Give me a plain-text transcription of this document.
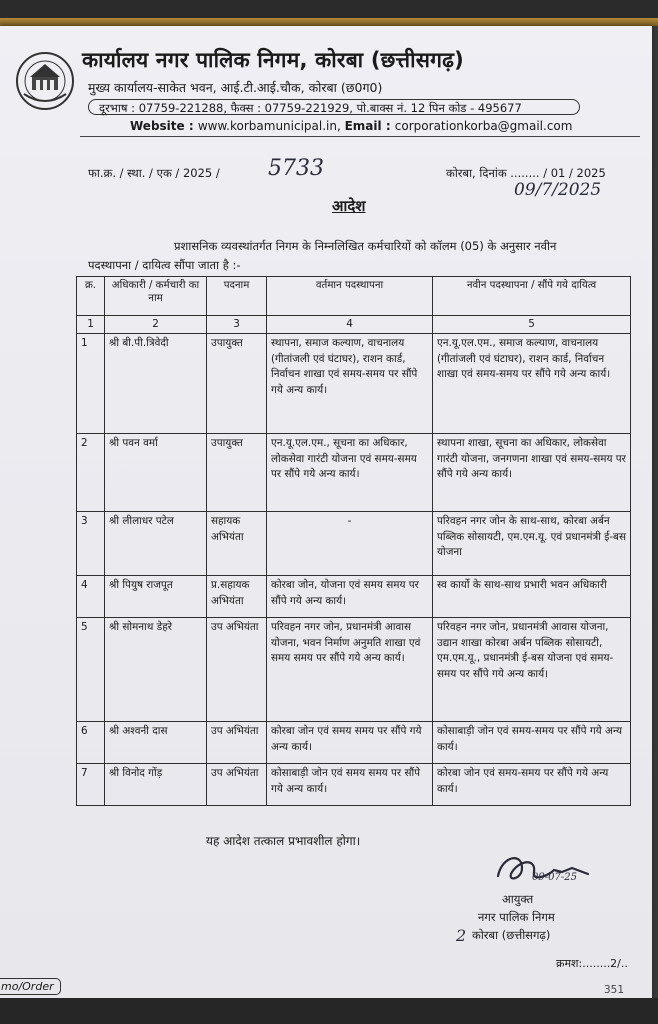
कार्यालय नगर पालिक निगम, कोरबा (छत्तीसगढ़)
मुख्य कार्यालय-साकेत भवन, आई.टी.आई.चौक, कोरबा (छ0ग0)
दूरभाष : 07759-221288, फैक्स : 07759-221929, पो.बाक्स नं. 12 पिन कोड - 495677
Website : www.korbamunicipal.in, Email : corporationkorba@gmail.com
फा.क्र. / स्था. / एक / 2025 / 5733	कोरबा, दिनांक ........ / 01 / 2025
09/7/2025
आदेश
प्रशासनिक व्यवस्थांतर्गत निगम के निम्नलिखित कर्मचारियों को कॉलम (05) के अनुसार नवीन
पदस्थापना / दायित्व सौंपा जाता है :-
क्र.	अधिकारी / कर्मचारी का नाम	पदनाम	वर्तमान पदस्थापना	नवीन पदस्थापना / सौंपे गये दायित्व
1	2	3	4	5
1	श्री बी.पी.त्रिवेदी	उपायुक्त	स्थापना, समाज कल्याण, वाचनालय (गीतांजली एवं घंटाघर), राशन कार्ड, निर्वाचन शाखा एवं समय-समय पर सौंपे गये अन्य कार्य।	एन.यू.एल.एम., समाज कल्याण, वाचनालय (गीतांजली एवं घंटाघर), राशन कार्ड, निर्वाचन शाखा एवं समय-समय पर सौंपे गये अन्य कार्य।
2	श्री पवन वर्मा	उपायुक्त	एन.यू.एल.एम., सूचना का अधिकार, लोकसेवा गारंटी योजना एवं समय-समय पर सौंपे गये अन्य कार्य।	स्थापना शाखा, सूचना का अधिकार, लोकसेवा गारंटी योजना, जनगणना शाखा एवं समय-समय पर सौंपे गये अन्य कार्य।
3	श्री लीलाधर पटेल	सहायक अभियंता	-	परिवहन नगर जोन के साथ-साथ, कोरबा अर्बन पब्लिक सोसायटी, एम.एम.यू. एवं प्रधानमंत्री ई-बस योजना
4	श्री पियुष राजपूत	प्र.सहायक अभियंता	कोरबा जोन, योजना एवं समय समय पर सौंपे गये अन्य कार्य।	स्व कार्यो के साथ-साथ प्रभारी भवन अधिकारी
5	श्री सोमनाथ डेहरे	उप अभियंता	परिवहन नगर जोन, प्रधानमंत्री आवास योजना, भवन निर्माण अनुमति शाखा एवं समय समय पर सौंपे गये अन्य कार्य।	परिवहन नगर जोन, प्रधानमंत्री आवास योजना, उद्यान शाखा कोरबा अर्बन पब्लिक सोसायटी, एम.एम.यू., प्रधानमंत्री ई-बस योजना एवं समय-समय पर सौंपे गये अन्य कार्य।
6	श्री अश्वनी दास	उप अभियंता	कोरबा जोन एवं समय समय पर सौंपे गये अन्य कार्य।	कोसाबाड़ी जोन एवं समय-समय पर सौंपे गये अन्य कार्य।
7	श्री विनोद गोंड़	उप अभियंता	कोसाबाड़ी जोन एवं समय समय पर सौंपे गये अन्य कार्य।	कोरबा जोन एवं समय-समय पर सौंपे गये अन्य कार्य।
यह आदेश तत्काल प्रभावशील होगा।
09-07-25
आयुक्त
नगर पालिक निगम
2 कोरबा (छत्तीसगढ़)
क्रमश:........2/..
351
mo/Order
